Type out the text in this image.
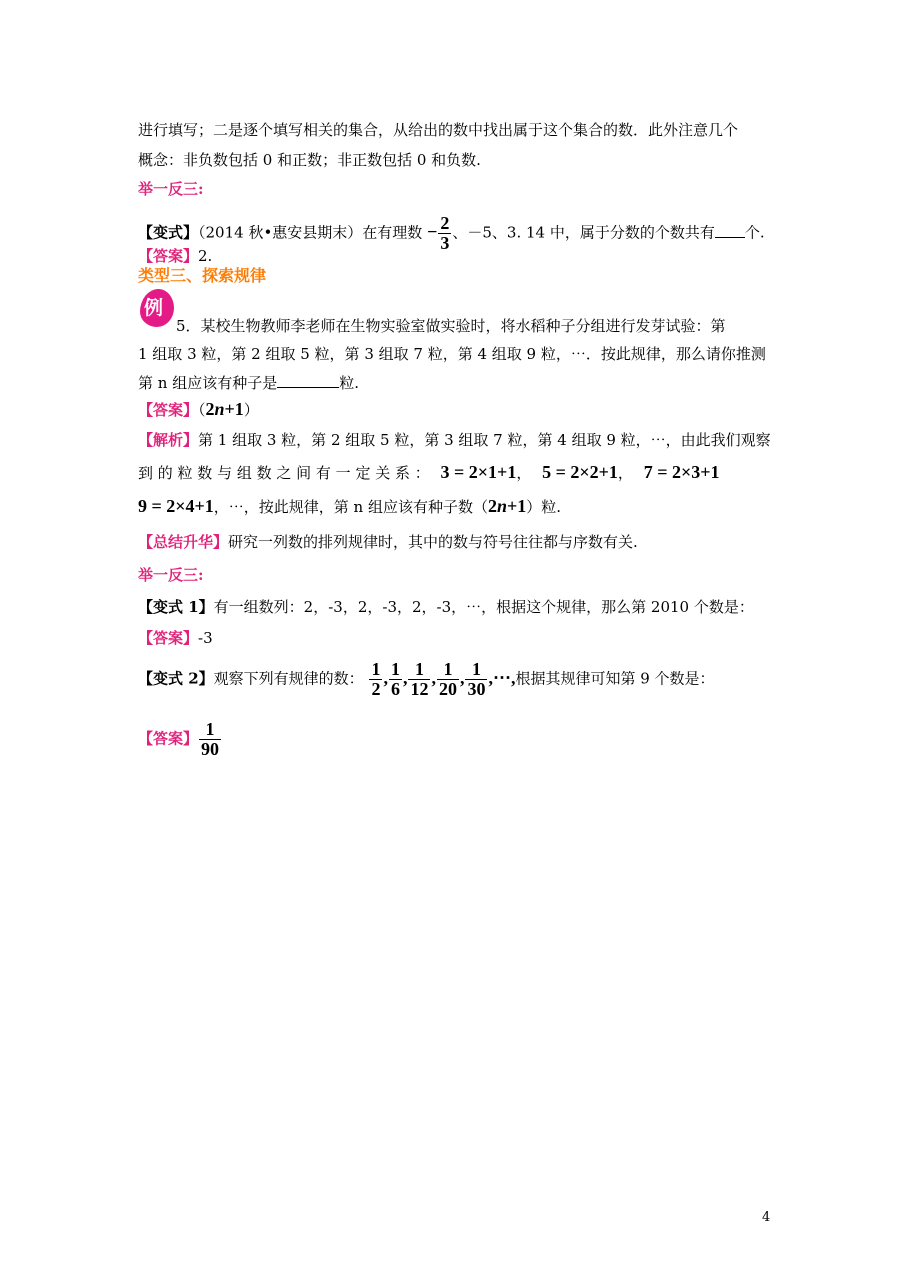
进行填写；二是逐个填写相关的集合，从给出的数中找出属于这个集合的数．此外注意几个
概念：非负数包括 0 和正数；非正数包括 0 和负数.
举一反三:
【变式】（2014 秋•惠安县期末）在有理数 − $\frac{2}{3}$ 、－5、3. 14 中，属于分数的个数共有 个.
【答案】2.
类型三、探索规律
例
5．某校生物教师李老师在生物实验室做实验时，将水稻种子分组进行发芽试验：第
1 组取 3 粒，第 2 组取 5 粒，第 3 组取 7 粒，第 4 组取 9 粒，⋯．按此规律，那么请你推测
第 n 组应该有种子是	粒.
【答案】（2n+1）
【解析】第 1 组取 3 粒，第 2 组取 5 粒，第 3 组取 7 粒，第 4 组取 9 粒，⋯，由此我们观察
到 的 粒 数 与 组 数 之 间 有 一 定 关 系 ： 3 = 2×1+1， 5 = 2×2+1， 7 = 2×3+1
9 = 2×4+1，⋯，按此规律，第 n 组应该有种子数（2n+1）粒.
【总结升华】研究一列数的排列规律时，其中的数与符号往往都与序数有关.
举一反三:
【变式 1】有一组数列：2，-3，2，-3，2，-3，⋯，根据这个规律，那么第 2010 个数是：
【答案】-3
【变式 2】观察下列有规律的数： $\frac{1}{2}$ , $\frac{1}{6}$ , $\frac{1}{12}$ , $\frac{1}{20}$ , $\frac{1}{30}$ ,⋯,根据其规律可知第 9 个数是：
【答案】 $\frac{1}{90}$
4
